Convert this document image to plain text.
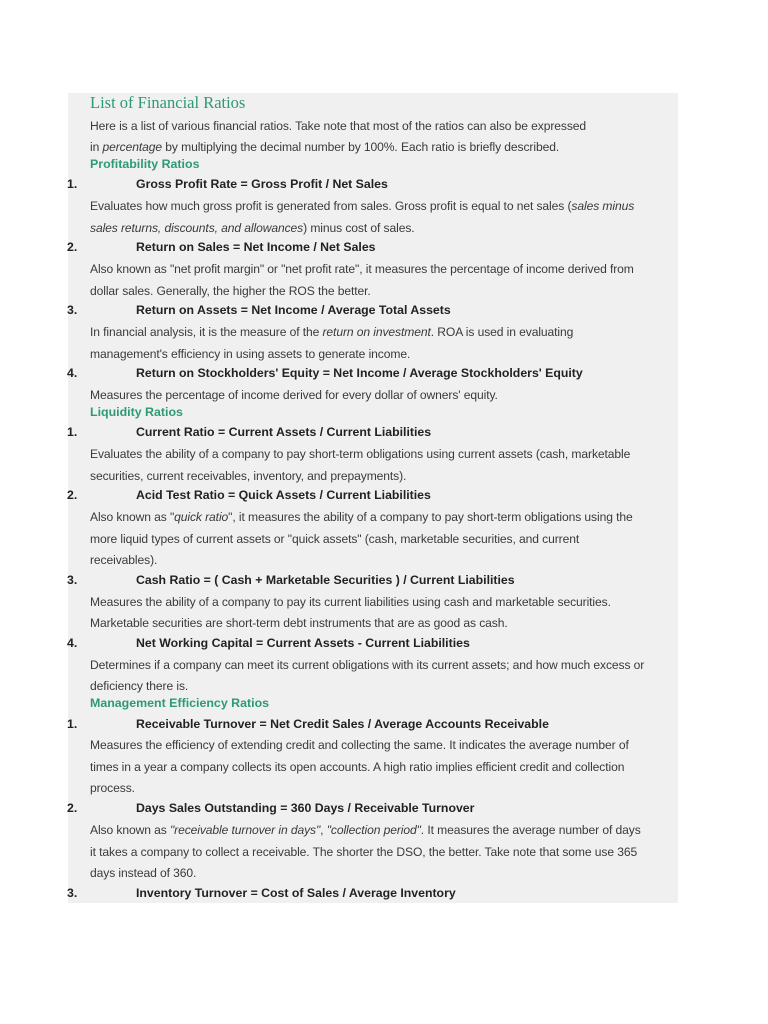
List of Financial Ratios
Here is a list of various financial ratios. Take note that most of the ratios can also be expressed
in percentage by multiplying the decimal number by 100%. Each ratio is briefly described.
Profitability Ratios
1.	Gross Profit Rate = Gross Profit / Net Sales
Evaluates how much gross profit is generated from sales. Gross profit is equal to net sales (sales minus
sales returns, discounts, and allowances) minus cost of sales.
2.	Return on Sales = Net Income / Net Sales
Also known as "net profit margin" or "net profit rate", it measures the percentage of income derived from
dollar sales. Generally, the higher the ROS the better.
3.	Return on Assets = Net Income / Average Total Assets
In financial analysis, it is the measure of the return on investment. ROA is used in evaluating
management's efficiency in using assets to generate income.
4.	Return on Stockholders' Equity = Net Income / Average Stockholders' Equity
Measures the percentage of income derived for every dollar of owners' equity.
Liquidity Ratios
1.	Current Ratio = Current Assets / Current Liabilities
Evaluates the ability of a company to pay short-term obligations using current assets (cash, marketable
securities, current receivables, inventory, and prepayments).
2.	Acid Test Ratio = Quick Assets / Current Liabilities
Also known as "quick ratio", it measures the ability of a company to pay short-term obligations using the
more liquid types of current assets or "quick assets" (cash, marketable securities, and current
receivables).
3.	Cash Ratio = ( Cash + Marketable Securities ) / Current Liabilities
Measures the ability of a company to pay its current liabilities using cash and marketable securities.
Marketable securities are short-term debt instruments that are as good as cash.
4.	Net Working Capital = Current Assets - Current Liabilities
Determines if a company can meet its current obligations with its current assets; and how much excess or
deficiency there is.
Management Efficiency Ratios
1.	Receivable Turnover = Net Credit Sales / Average Accounts Receivable
Measures the efficiency of extending credit and collecting the same. It indicates the average number of
times in a year a company collects its open accounts. A high ratio implies efficient credit and collection
process.
2.	Days Sales Outstanding = 360 Days / Receivable Turnover
Also known as "receivable turnover in days", "collection period". It measures the average number of days
it takes a company to collect a receivable. The shorter the DSO, the better. Take note that some use 365
days instead of 360.
3.	Inventory Turnover = Cost of Sales / Average Inventory
